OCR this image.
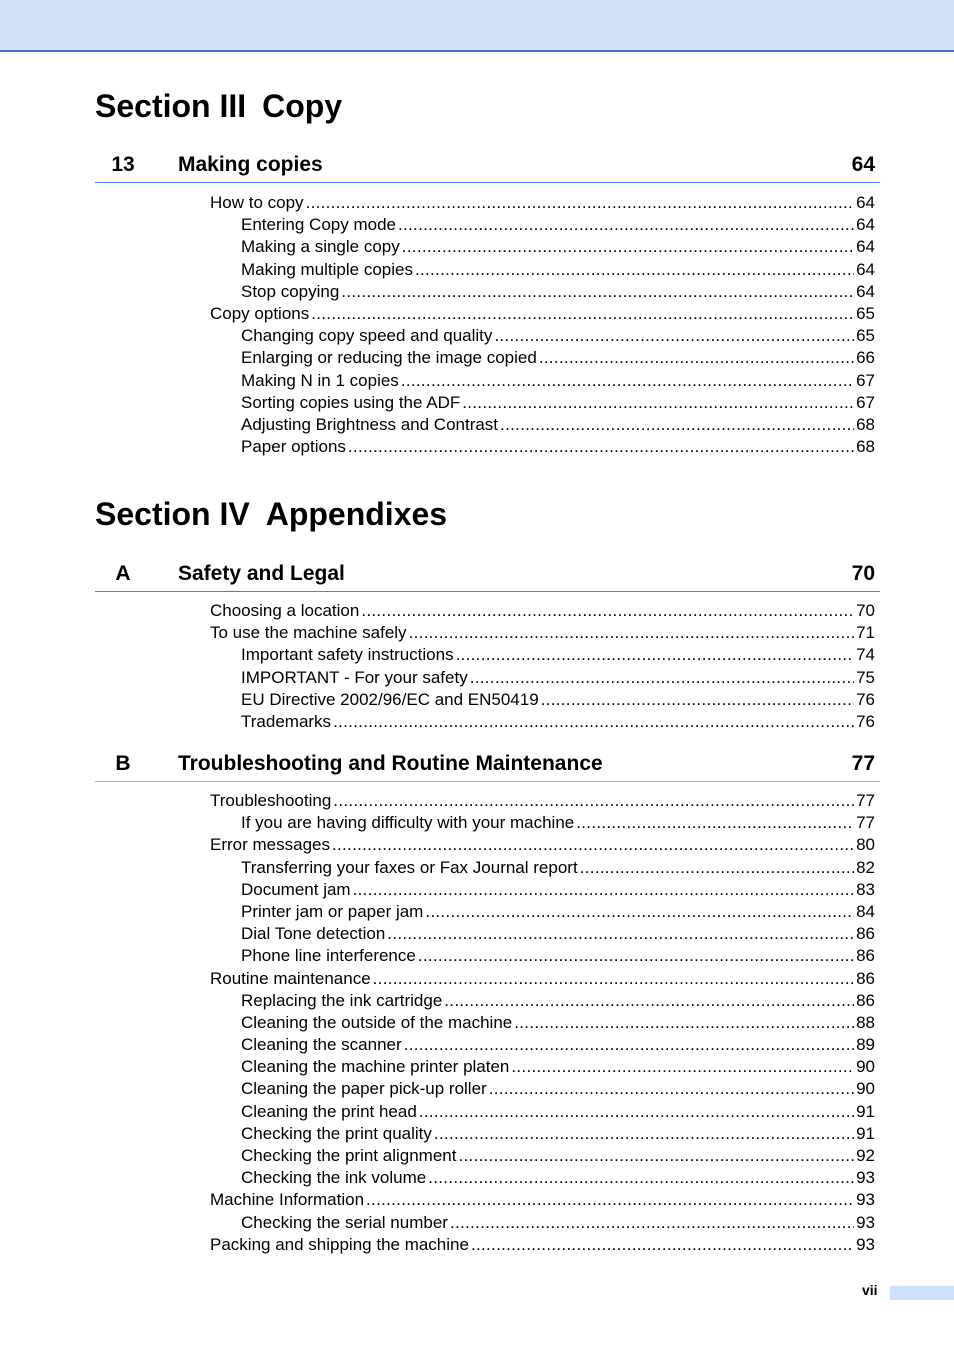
Section III Copy
13	Making copies	64
How to copy .....	64
Entering Copy mode .....	64
Making a single copy .....	64
Making multiple copies .....	64
Stop copying .....	64
Copy options .....	65
Changing copy speed and quality .....	65
Enlarging or reducing the image copied .....	66
Making N in 1 copies .....	67
Sorting copies using the ADF .....	67
Adjusting Brightness and Contrast .....	68
Paper options .....	68
Section IV Appendixes
A	Safety and Legal	70
Choosing a location .....	70
To use the machine safely .....	71
Important safety instructions .....	74
IMPORTANT - For your safety .....	75
EU Directive 2002/96/EC and EN50419 .....	76
Trademarks .....	76
B	Troubleshooting and Routine Maintenance	77
Troubleshooting .....	77
If you are having difficulty with your machine .....	77
Error messages .....	80
Transferring your faxes or Fax Journal report .....	82
Document jam .....	83
Printer jam or paper jam .....	84
Dial Tone detection .....	86
Phone line interference .....	86
Routine maintenance .....	86
Replacing the ink cartridge .....	86
Cleaning the outside of the machine .....	88
Cleaning the scanner .....	89
Cleaning the machine printer platen .....	90
Cleaning the paper pick-up roller .....	90
Cleaning the print head .....	91
Checking the print quality .....	91
Checking the print alignment .....	92
Checking the ink volume .....	93
Machine Information .....	93
Checking the serial number .....	93
Packing and shipping the machine .....	93
vii
